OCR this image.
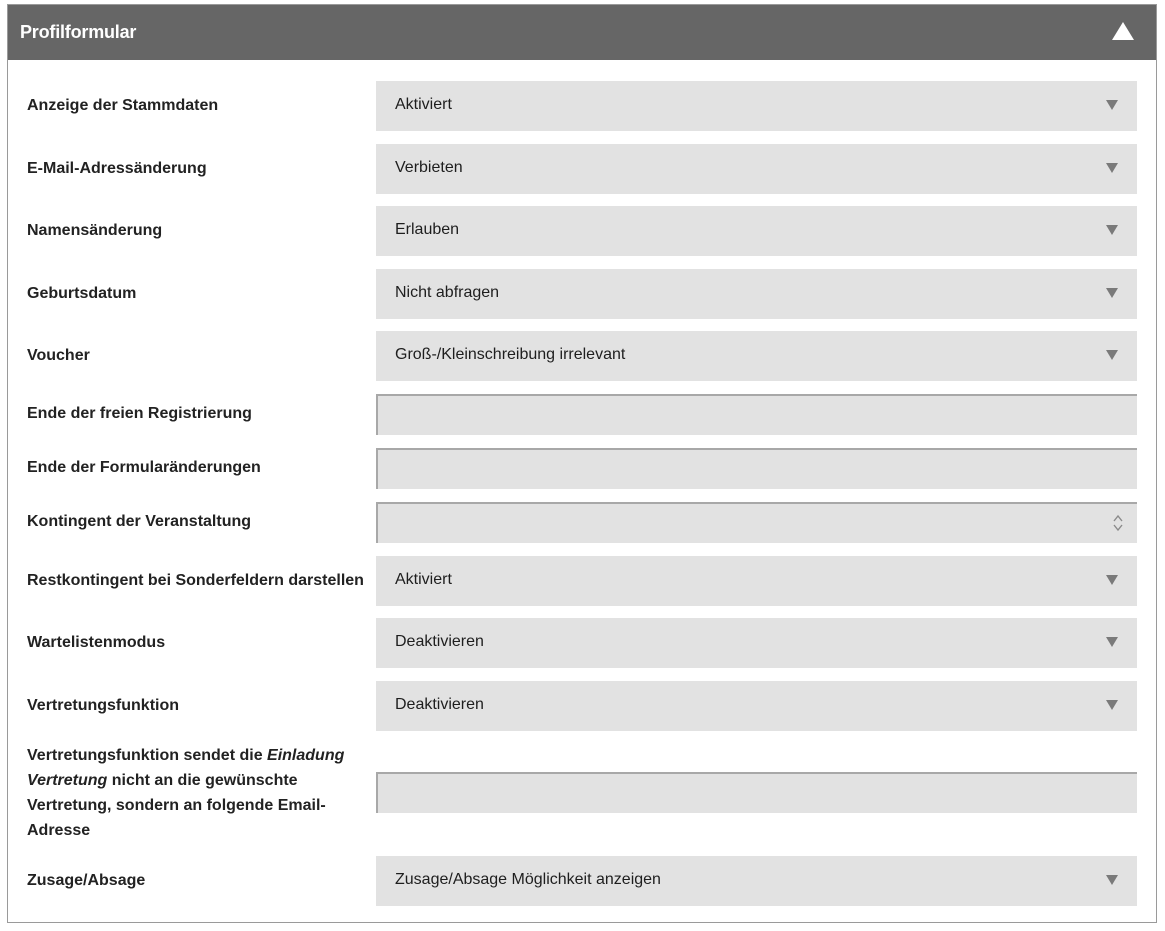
Profilformular
Anzeige der Stammdaten	Aktiviert
E-Mail-Adressänderung	Verbieten
Namensänderung	Erlauben
Geburtsdatum	Nicht abfragen
Voucher	Groß-/Kleinschreibung irrelevant
Ende der freien Registrierung
Ende der Formularänderungen
Kontingent der Veranstaltung
Restkontingent bei Sonderfeldern darstellen Aktiviert
Wartelistenmodus	Deaktivieren
Vertretungsfunktion	Deaktivieren
Vertretungsfunktion sendet die Einladung Vertretung nicht an die gewünschte Vertretung, sondern an folgende Email-Adresse
Zusage/Absage	Zusage/Absage Möglichkeit anzeigen
